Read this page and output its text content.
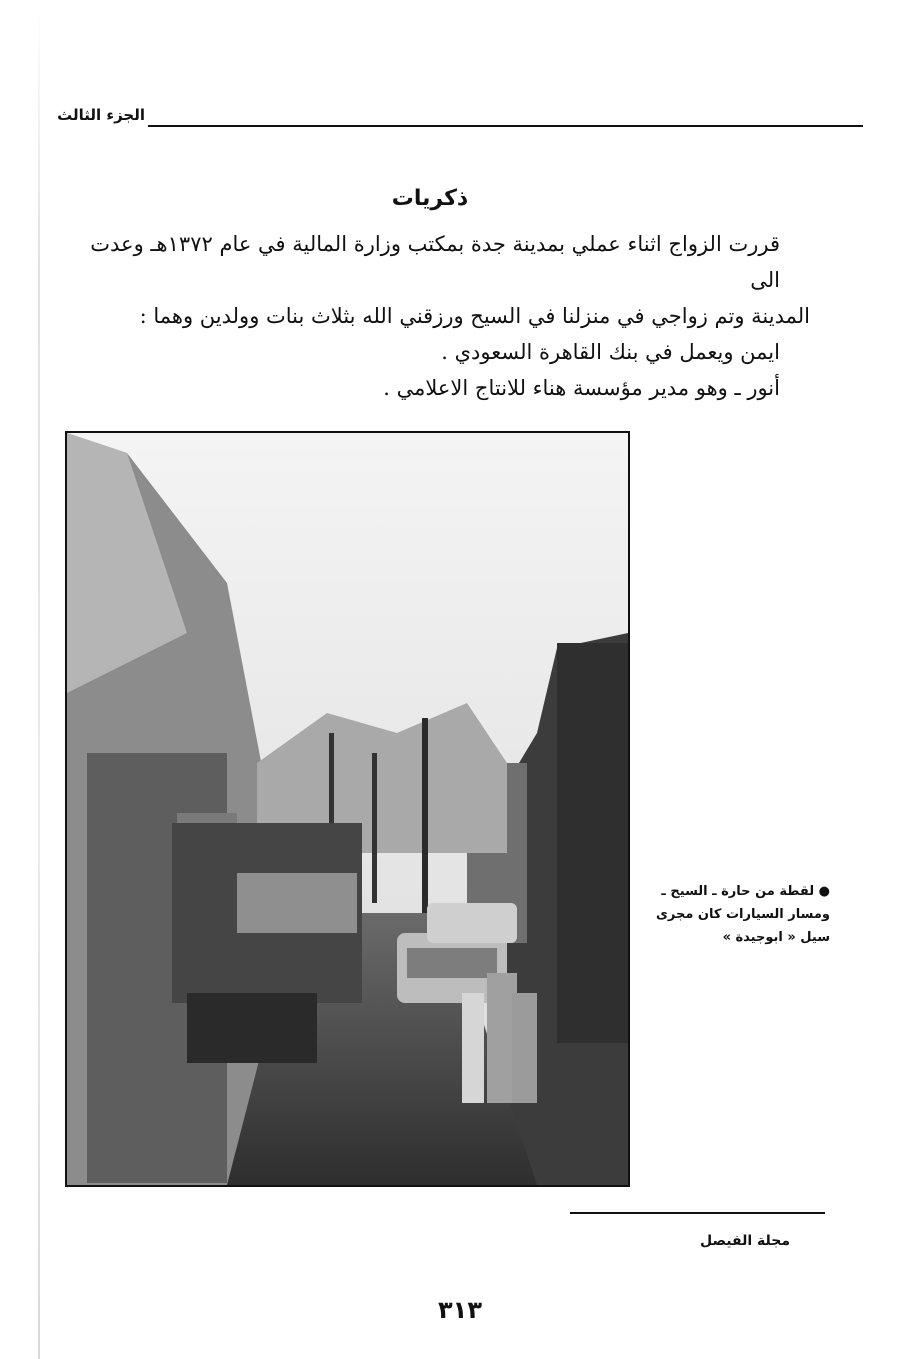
الجزء الثالث
ذكريات

قررت الزواج اثناء عملي بمدينة جدة بمكتب وزارة المالية في عام ١٣٧٢هـ وعدت الى

المدينة وتم زواجي في منزلنا في السيح ورزقني الله بثلاث بنات وولدين وهما :

ايمن ويعمل في بنك القاهرة السعودي .

أنور ـ وهو مدير مؤسسة هناء للانتاج الاعلامي .

● لقطة من حارة ـ السيح ـ

ومسار السيارات كان مجرى

سيل « ابوجيدة »

مجلة الفيصل
٣١٣
